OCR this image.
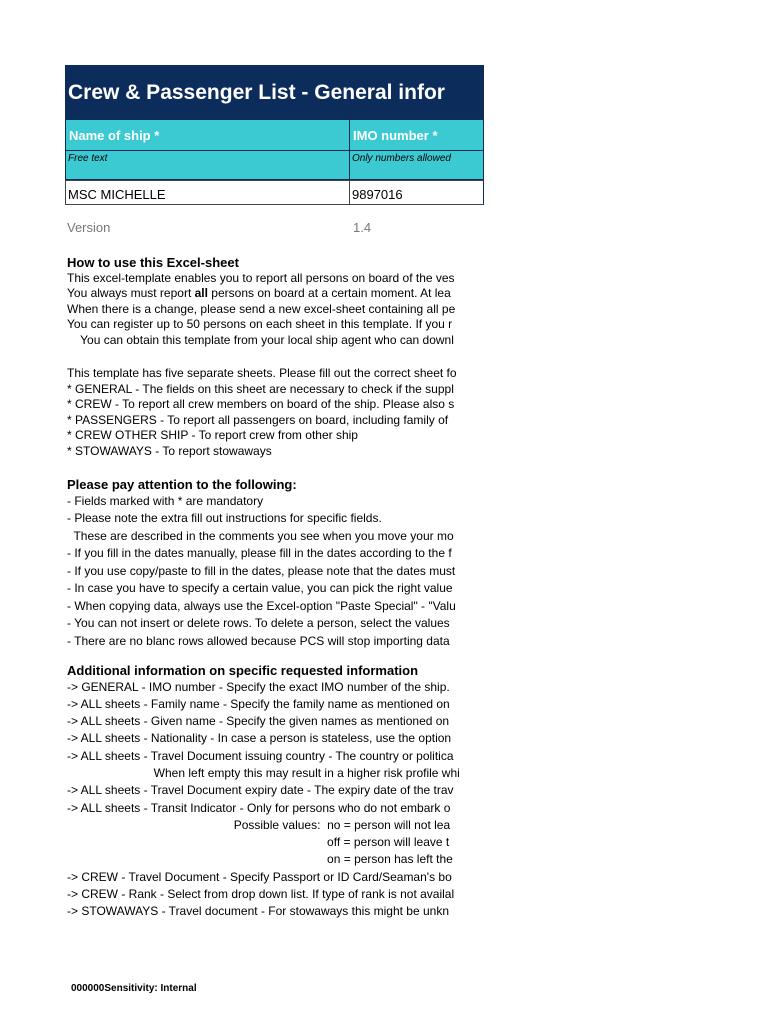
Crew & Passenger List - General infor
Name of ship *	IMO number *
Free text	Only numbers allowed
MSC MICHELLE	9897016
Version	1.4
How to use this Excel-sheet
This excel-template enables you to report all persons on board of the ves
You always must report all persons on board at a certain moment. At lea
When there is a change, please send a new excel-sheet containing all pe
You can register up to 50 persons on each sheet in this template. If you r
You can obtain this template from your local ship agent who can downl
This template has five separate sheets. Please fill out the correct sheet fo
* GENERAL - The fields on this sheet are necessary to check if the suppl
* CREW - To report all crew members on board of the ship. Please also s
* PASSENGERS - To report all passengers on board, including family of
* CREW OTHER SHIP - To report crew from other ship
* STOWAWAYS - To report stowaways
Please pay attention to the following:
- Fields marked with * are mandatory
- Please note the extra fill out instructions for specific fields.
These are described in the comments you see when you move your mo
- If you fill in the dates manually, please fill in the dates according to the f
- If you use copy/paste to fill in the dates, please note that the dates must
- In case you have to specify a certain value, you can pick the right value
- When copying data, always use the Excel-option "Paste Special" - "Valu
- You can not insert or delete rows. To delete a person, select the values
- There are no blanc rows allowed because PCS will stop importing data
Additional information on specific requested information
-> GENERAL - IMO number - Specify the exact IMO number of the ship.
-> ALL sheets - Family name - Specify the family name as mentioned on
-> ALL sheets - Given name - Specify the given names as mentioned on
-> ALL sheets - Nationality - In case a person is stateless, use the option
-> ALL sheets - Travel Document issuing country - The country or politica
When left empty this may result in a higher risk profile whi
-> ALL sheets - Travel Document expiry date - The expiry date of the trav
-> ALL sheets - Transit Indicator - Only for persons who do not embark o
Possible values:  no = person will not lea
off = person will leave t
on = person has left the
-> CREW - Travel Document - Specify Passport or ID Card/Seaman's bo
-> CREW - Rank - Select from drop down list. If type of rank is not availal
-> STOWAWAYS - Travel document - For stowaways this might be unkn
000000Sensitivity: Internal
